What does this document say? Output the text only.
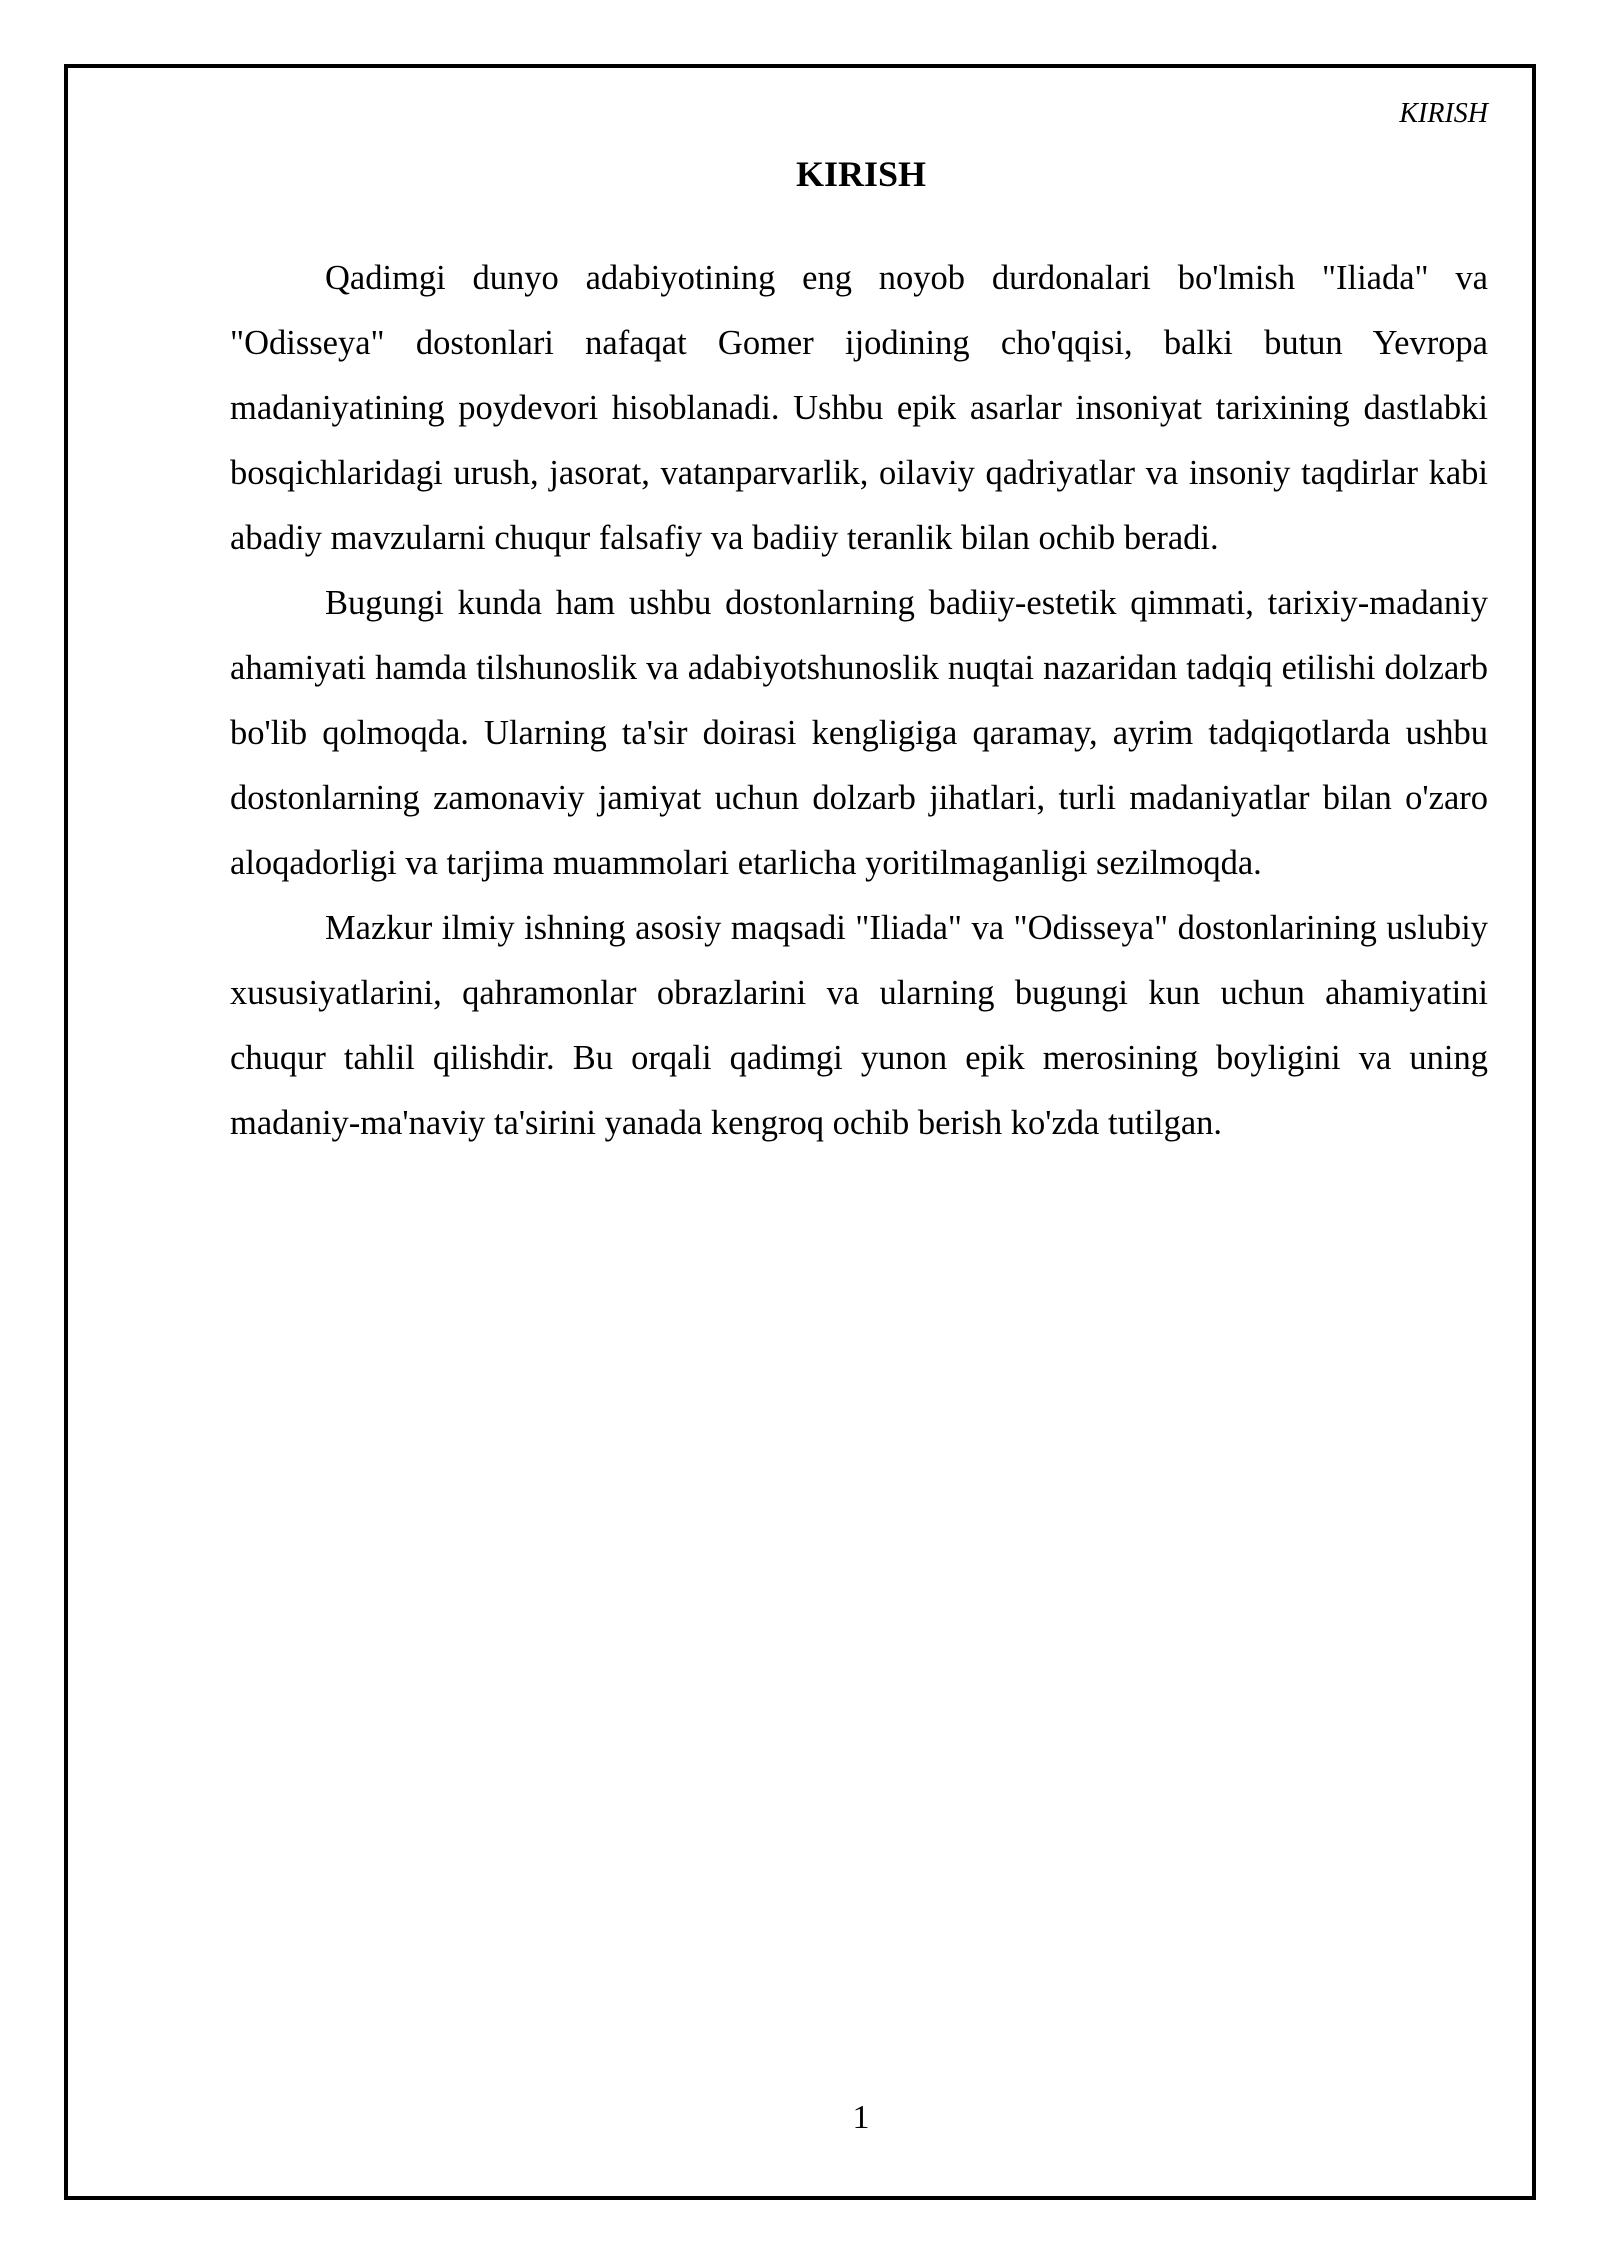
KIRISH
KIRISH

Qadimgi dunyo adabiyotining eng noyob durdonalari bo'lmish "Iliada" va "Odisseya" dostonlari nafaqat Gomer ijodining cho'qqisi, balki butun Yevropa madaniyatining poydevori hisoblanadi. Ushbu epik asarlar insoniyat tarixining dastlabki bosqichlaridagi urush, jasorat, vatanparvarlik, oilaviy qadriyatlar va insoniy taqdirlar kabi abadiy mavzularni chuqur falsafiy va badiiy teranlik bilan ochib beradi.

Bugungi kunda ham ushbu dostonlarning badiiy-estetik qimmati, tarixiy-madaniy ahamiyati hamda tilshunoslik va adabiyotshunoslik nuqtai nazaridan tadqiq etilishi dolzarb bo'lib qolmoqda. Ularning ta'sir doirasi kengligiga qaramay, ayrim tadqiqotlarda ushbu dostonlarning zamonaviy jamiyat uchun dolzarb jihatlari, turli madaniyatlar bilan o'zaro aloqadorligi va tarjima muammolari etarlicha yoritilmaganligi sezilmoqda.

Mazkur ilmiy ishning asosiy maqsadi "Iliada" va "Odisseya" dostonlarining uslubiy xususiyatlarini, qahramonlar obrazlarini va ularning bugungi kun uchun ahamiyatini chuqur tahlil qilishdir. Bu orqali qadimgi yunon epik merosining boyligini va uning madaniy-ma'naviy ta'sirini yanada kengroq ochib berish ko'zda tutilgan.

1
